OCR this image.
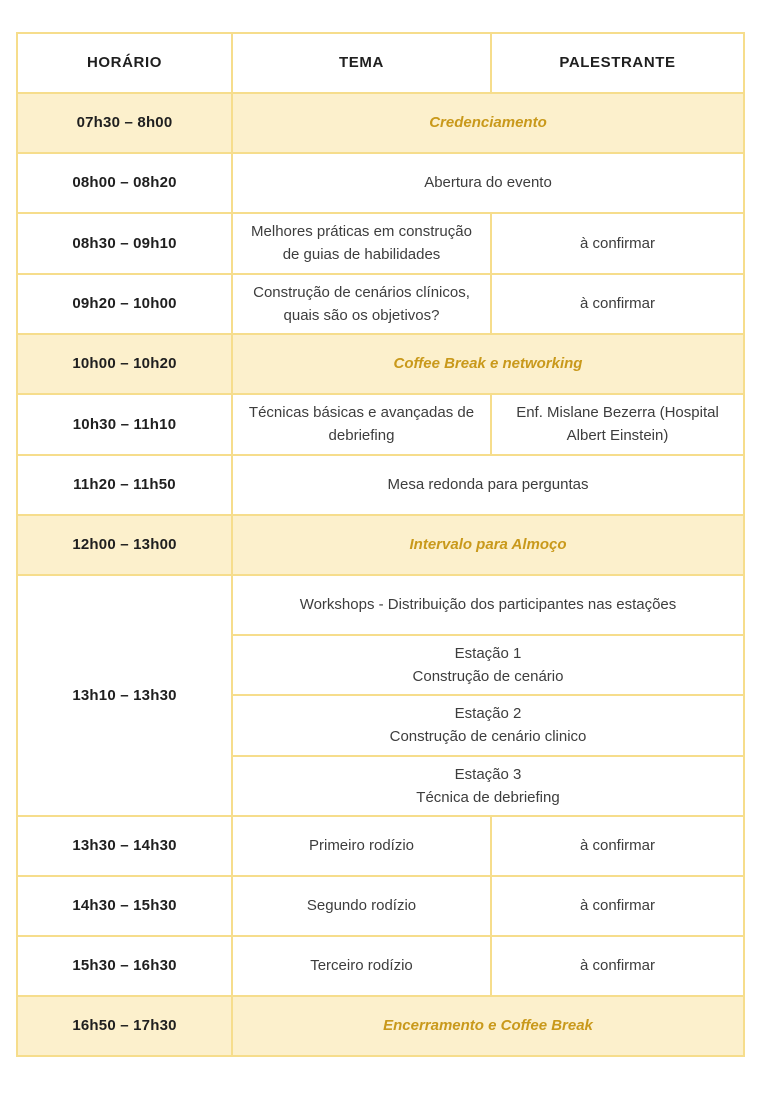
HORÁRIO	TEMA	PALESTRANTE
07h30 – 8h00	Credenciamento	
08h00 – 08h20	Abertura do evento	
08h30 – 09h10	Melhores práticas em construção de guias de habilidades	à confirmar
09h20 – 10h00	Construção de cenários clínicos, quais são os objetivos?	à confirmar
10h00 – 10h20	Coffee Break e networking	
10h30 – 11h10	Técnicas básicas e avançadas de debriefing	Enf. Mislane Bezerra (Hospital Albert Einstein)
11h20 – 11h50	Mesa redonda para perguntas	
12h00 – 13h00	Intervalo para Almoço	
13h10 – 13h30	Workshops - Distribuição dos participantes nas estações	

	Estação 1
Construção de cenário	

	Estação 2
Construção de cenário clinico	

	Estação 3
Técnica de debriefing	

13h30 – 14h30	Primeiro rodízio	à confirmar
14h30 – 15h30	Segundo rodízio	à confirmar
15h30 – 16h30	Terceiro rodízio	à confirmar
16h50 – 17h30	Encerramento e Coffee Break	
